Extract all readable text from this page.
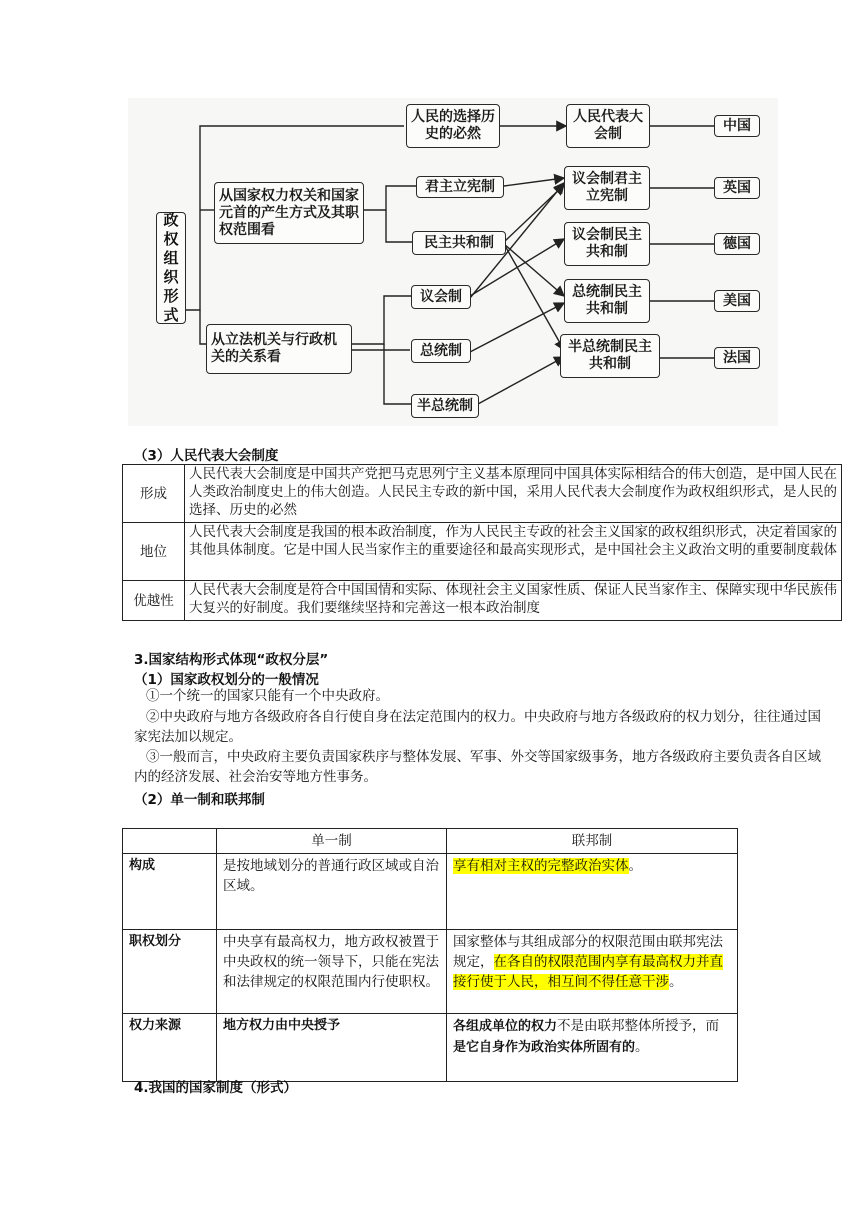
政权组织形式
人民的选择历史的必然
从国家权力权关和国家元首的产生方式及其职权范围看
从立法机关与行政机关的关系看
君主立宪制
民主共和制
议会制
总统制
半总统制
人民代表大会制
议会制君主立宪制
议会制民主共和制
总统制民主共和制
半总统制民主共和制
中国
英国
德国
美国
法国
（3）人民代表大会制度
形成	人民代表大会制度是中国共产党把马克思列宁主义基本原理同中国具体实际相结合的伟大创造，是中国人民在人类政治制度史上的伟大创造。人民民主专政的新中国，采用人民代表大会制度作为政权组织形式，是人民的选择、历史的必然
地位	人民代表大会制度是我国的根本政治制度，作为人民民主专政的社会主义国家的政权组织形式，决定着国家的其他具体制度。它是中国人民当家作主的重要途径和最高实现形式，是中国社会主义政治文明的重要制度载体
优越性	人民代表大会制度是符合中国国情和实际、体现社会主义国家性质、保证人民当家作主、保障实现中华民族伟大复兴的好制度。我们要继续坚持和完善这一根本政治制度
3.国家结构形式体现“政权分层”
（1）国家政权划分的一般情况
①一个统一的国家只能有一个中央政府。
②中央政府与地方各级政府各自行使自身在法定范围内的权力。中央政府与地方各级政府的权力划分，往往通过国家宪法加以规定。
③一般而言，中央政府主要负责国家秩序与整体发展、军事、外交等国家级事务，地方各级政府主要负责各自区域内的经济发展、社会治安等地方性事务。
（2）单一制和联邦制
	单一制	联邦制
构成	是按地域划分的普通行政区域或自治区域。	享有相对主权的完整政治实体。
职权划分	中央享有最高权力，地方政权被置于中央政权的统一领导下，只能在宪法和法律规定的权限范围内行使职权。	国家整体与其组成部分的权限范围由联邦宪法规定，在各自的权限范围内享有最高权力并直接行使于人民，相互间不得任意干涉。
权力来源	地方权力由中央授予	各组成单位的权力不是由联邦整体所授予，而是它自身作为政治实体所固有的。
4.我国的国家制度（形式）
